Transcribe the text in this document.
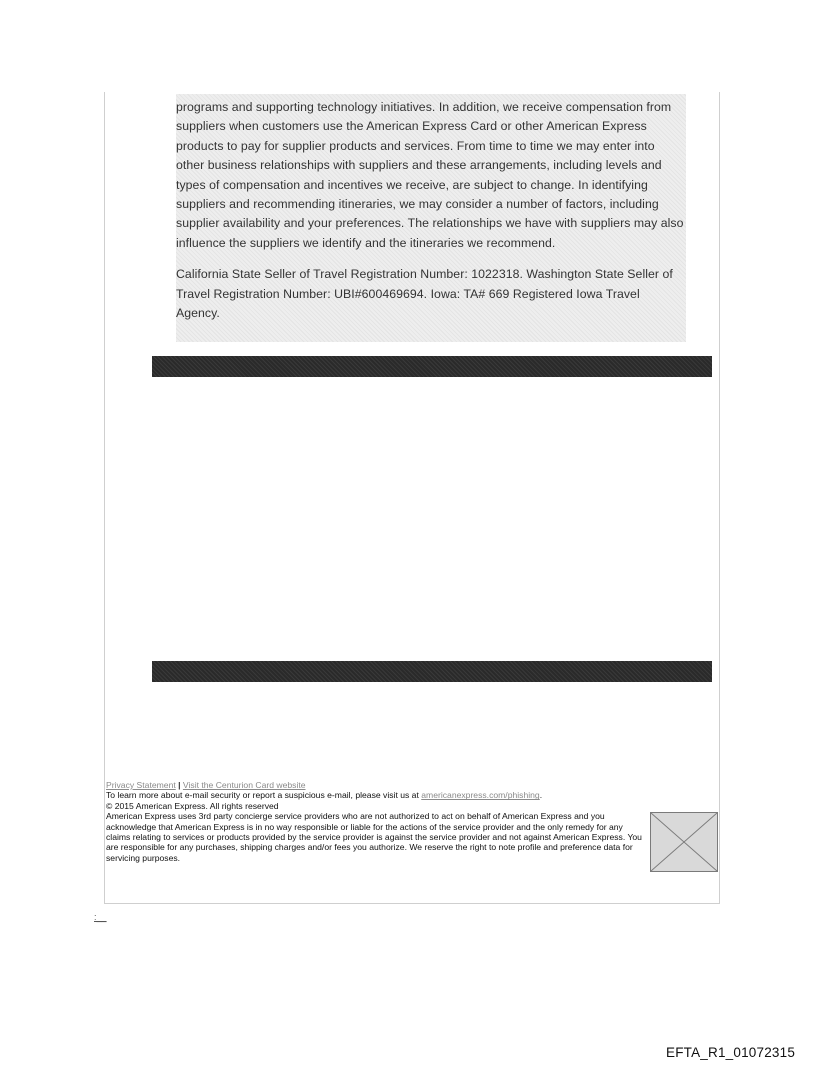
programs and supporting technology initiatives. In addition, we receive compensation from suppliers when customers use the American Express Card or other American Express products to pay for supplier products and services. From time to time we may enter into other business relationships with suppliers and these arrangements, including levels and types of compensation and incentives we receive, are subject to change. In identifying suppliers and recommending itineraries, we may consider a number of factors, including supplier availability and your preferences. The relationships we have with suppliers may also influence the suppliers we identify and the itineraries we recommend.

California State Seller of Travel Registration Number: 1022318. Washington State Seller of Travel Registration Number: UBI#600469694. Iowa: TA# 669 Registered Iowa Travel Agency.

Privacy Statement | Visit the Centurion Card website
To learn more about e-mail security or report a suspicious e-mail, please visit us at americanexpress.com/phishing.
© 2015 American Express. All rights reserved
American Express uses 3rd party concierge service providers who are not authorized to act on behalf of American Express and you acknowledge that American Express is in no way responsible or liable for the actions of the service provider and the only remedy for any claims relating to services or products provided by the service provider is against the service provider and not against American Express. You are responsible for any purchases, shipping charges and/or fees you authorize. We reserve the right to note profile and preference data for servicing purposes.
:__
EFTA_R1_01072315
